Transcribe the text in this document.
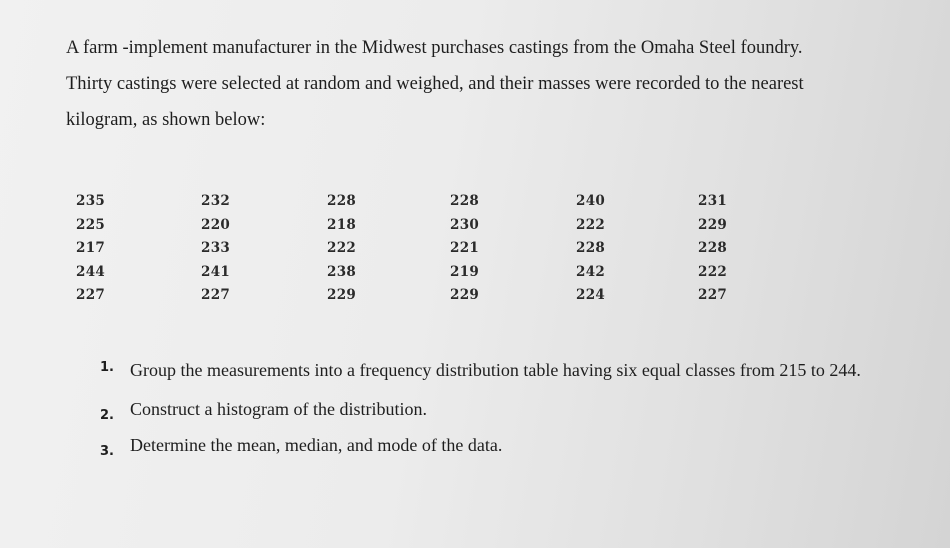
A farm -implement manufacturer in the Midwest purchases castings from the Omaha Steel foundry. Thirty castings were selected at random and weighed, and their masses were recorded to the nearest kilogram, as shown below:

235
225
217
244
227
232
220
233
241
227
228
218
222
238
229
228
230
221
219
229
240
222
228
242
224
231
229
228
222
227
1. Group the measurements into a frequency distribution table having six equal classes from 215 to 244.
2. Construct a histogram of the distribution.
3. Determine the mean, median, and mode of the data.
